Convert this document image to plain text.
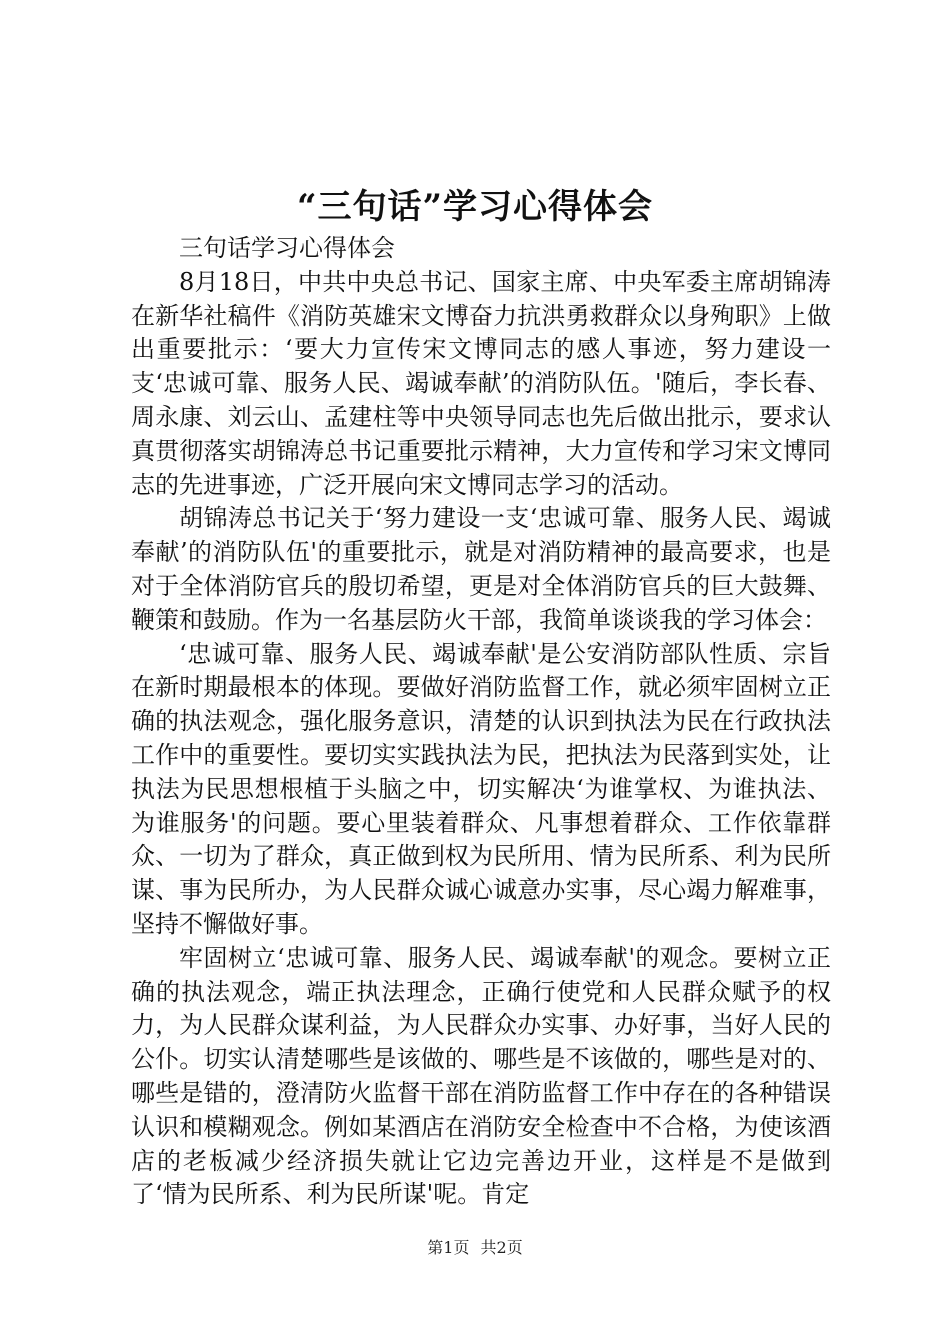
“三句话”学习心得体会

三句话学习心得体会

8月18日，中共中央总书记、国家主席、中央军委主席胡锦涛在新华社稿件《消防英雄宋文博奋力抗洪勇救群众以身殉职》上做出重要批示：‘要大力宣传宋文博同志的感人事迹，努力建设一支‘忠诚可靠、服务人民、竭诚奉献’的消防队伍。'随后，李长春、周永康、刘云山、孟建柱等中央领导同志也先后做出批示，要求认真贯彻落实胡锦涛总书记重要批示精神，大力宣传和学习宋文博同志的先进事迹，广泛开展向宋文博同志学习的活动。

胡锦涛总书记关于‘努力建设一支‘忠诚可靠、服务人民、竭诚奉献’的消防队伍'的重要批示，就是对消防精神的最高要求，也是对于全体消防官兵的殷切希望，更是对全体消防官兵的巨大鼓舞、鞭策和鼓励。作为一名基层防火干部，我简单谈谈我的学习体会：

‘忠诚可靠、服务人民、竭诚奉献'是公安消防部队性质、宗旨在新时期最根本的体现。要做好消防监督工作，就必须牢固树立正确的执法观念，强化服务意识，清楚的认识到执法为民在行政执法工作中的重要性。要切实实践执法为民，把执法为民落到实处，让执法为民思想根植于头脑之中，切实解决‘为谁掌权、为谁执法、为谁服务'的问题。要心里装着群众、凡事想着群众、工作依靠群众、一切为了群众，真正做到权为民所用、情为民所系、利为民所谋、事为民所办，为人民群众诚心诚意办实事，尽心竭力解难事，坚持不懈做好事。

牢固树立‘忠诚可靠、服务人民、竭诚奉献'的观念。要树立正确的执法观念，端正执法理念，正确行使党和人民群众赋予的权力，为人民群众谋利益，为人民群众办实事、办好事，当好人民的公仆。切实认清楚哪些是该做的、哪些是不该做的，哪些是对的、哪些是错的，澄清防火监督干部在消防监督工作中存在的各种错误认识和模糊观念。例如某酒店在消防安全检查中不合格，为使该酒店的老板减少经济损失就让它边完善边开业，这样是不是做到了‘情为民所系、利为民所谋'呢。肯定

第1页 共2页
